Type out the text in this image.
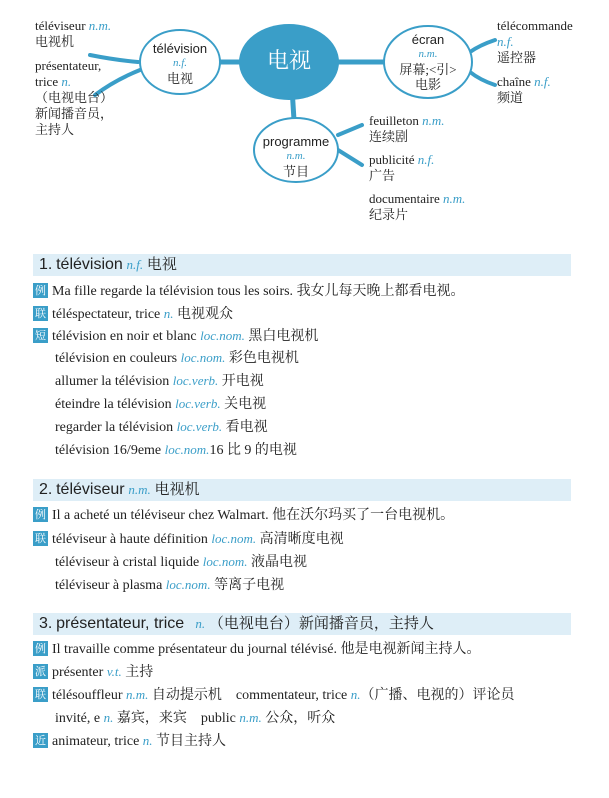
电视
télévision
n.f.
电视
écran
n.m.
屏幕;<引>
电影
programme
n.m.
节目
téléviseur n.m.
电视机
présentateur,
trice n.
（电视电台）
新闻播音员，
主持人
télécommande
n.f.
遥控器
chaîne n.f.
频道
feuilleton n.m.
连续剧
publicité n.f.
广告
documentaire n.m.
纪录片
1. télévision n.f. 电视
例 Ma fille regarde la télévision tous les soirs. 我女儿每天晚上都看电视。
联 téléspectateur, trice n. 电视观众
短 télévision en noir et blanc loc.nom. 黑白电视机
télévision en couleurs loc.nom. 彩色电视机
allumer la télévision loc.verb. 开电视
éteindre la télévision loc.verb. 关电视
regarder la télévision loc.verb. 看电视
télévision 16/9eme loc.nom.16 比 9 的电视
2. téléviseur n.m. 电视机
例 Il a acheté un téléviseur chez Walmart. 他在沃尔玛买了一台电视机。
联 téléviseur à haute définition loc.nom. 高清晰度电视
téléviseur à cristal liquide loc.nom. 液晶电视
téléviseur à plasma loc.nom. 等离子电视
3. présentateur, trice n. （电视电台）新闻播音员，主持人
例 Il travaille comme présentateur du journal télévisé. 他是电视新闻主持人。
派 présenter v.t. 主持
联 télésouffleur n.m. 自动提示机 commentateur, trice n.（广播、电视的）评论员
invité, e n. 嘉宾，来宾 public n.m. 公众，听众
近 animateur, trice n. 节目主持人
